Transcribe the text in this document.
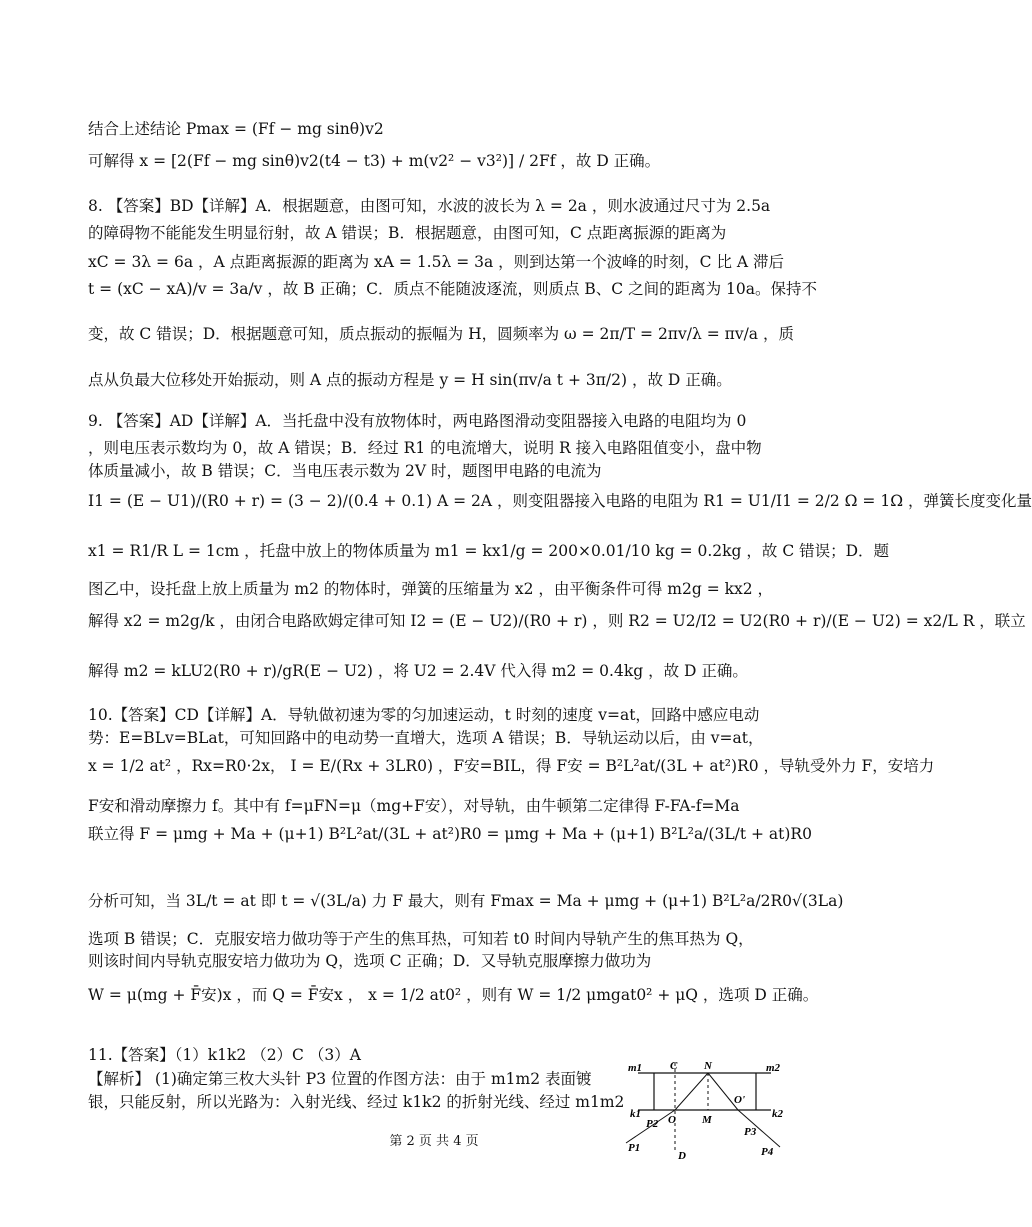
结合上述结论 Pmax = (Ff − mg sinθ)v2
可解得 x = [2(Ff − mg sinθ)v2(t4 − t3) + m(v2² − v3²)] / 2Ff ，故 D 正确。
8. 【答案】BD【详解】A．根据题意，由图可知，水波的波长为 λ = 2a ，则水波通过尺寸为 2.5a
的障碍物不能能发生明显衍射，故 A 错误；B．根据题意，由图可知，C 点距离振源的距离为
xC = 3λ = 6a ，A 点距离振源的距离为 xA = 1.5λ = 3a ，则到达第一个波峰的时刻，C 比 A 滞后
t = (xC − xA)/v = 3a/v ，故 B 正确；C．质点不能随波逐流，则质点 B、C 之间的距离为 10a。保持不
变，故 C 错误；D．根据题意可知，质点振动的振幅为 H，圆频率为 ω = 2π/T = 2πv/λ = πv/a ，质
点从负最大位移处开始振动，则 A 点的振动方程是 y = H sin(πv/a t + 3π/2) ，故 D 正确。
9. 【答案】AD【详解】A．当托盘中没有放物体时，两电路图滑动变阻器接入电路的电阻均为 0
，则电压表示数均为 0，故 A 错误；B．经过 R1 的电流增大，说明 R 接入电路阻值变小，盘中物
体质量减小，故 B 错误；C．当电压表示数为 2V 时，题图甲电路的电流为
I1 = (E − U1)/(R0 + r) = (3 − 2)/(0.4 + 0.1) A = 2A ，则变阻器接入电路的电阻为 R1 = U1/I1 = 2/2 Ω = 1Ω ，弹簧长度变化量
x1 = R1/R L = 1cm ，托盘中放上的物体质量为 m1 = kx1/g = 200×0.01/10 kg = 0.2kg ，故 C 错误；D．题
图乙中，设托盘上放上质量为 m2 的物体时，弹簧的压缩量为 x2 ，由平衡条件可得 m2g = kx2 ，
解得 x2 = m2g/k ，由闭合电路欧姆定律可知 I2 = (E − U2)/(R0 + r) ，则 R2 = U2/I2 = U2(R0 + r)/(E − U2) = x2/L R ，联立
解得 m2 = kLU2(R0 + r)/gR(E − U2) ，将 U2 = 2.4V 代入得 m2 = 0.4kg ，故 D 正确。
10.【答案】CD【详解】A．导轨做初速为零的匀加速运动，t 时刻的速度 v=at，回路中感应电动
势：E=BLv=BLat，可知回路中的电动势一直增大，选项 A 错误；B．导轨运动以后，由 v=at，
x = 1/2 at² ，Rx=R0·2x， I = E/(Rx + 3LR0) ，F安=BIL，得 F安 = B²L²at/(3L + at²)R0 ，导轨受外力 F，安培力
F安和滑动摩擦力 f。其中有 f=μFN=μ（mg+F安），对导轨，由牛顿第二定律得 F-FA-f=Ma
联立得 F = μmg + Ma + (μ+1) B²L²at/(3L + at²)R0 = μmg + Ma + (μ+1) B²L²a/(3L/t + at)R0
分析可知，当 3L/t = at 即 t = √(3L/a) 力 F 最大，则有 Fmax = Ma + μmg + (μ+1) B²L²a/2R0√(3La)
选项 B 错误；C．克服安培力做功等于产生的焦耳热，可知若 t0 时间内导轨产生的焦耳热为 Q，
则该时间内导轨克服安培力做功为 Q，选项 C 正确；D．又导轨克服摩擦力做功为
W = μ(mg + F̄安)x ，而 Q = F̄安x ， x = 1/2 at0² ，则有 W = 1/2 μmgat0² + μQ ，选项 D 正确。
11.【答案】（1）k1k2 （2）C （3）A
【解析】 (1)确定第三枚大头针 P3 位置的作图方法：由于 m1m2 表面镀
银，只能反射，所以光路为：入射光线、经过 k1k2 的折射光线、经过 m1m2
第 2 页 共 4 页
m1	m2
C N
O
O'
M
k1	k2
P1
P2
P3
P4
D
